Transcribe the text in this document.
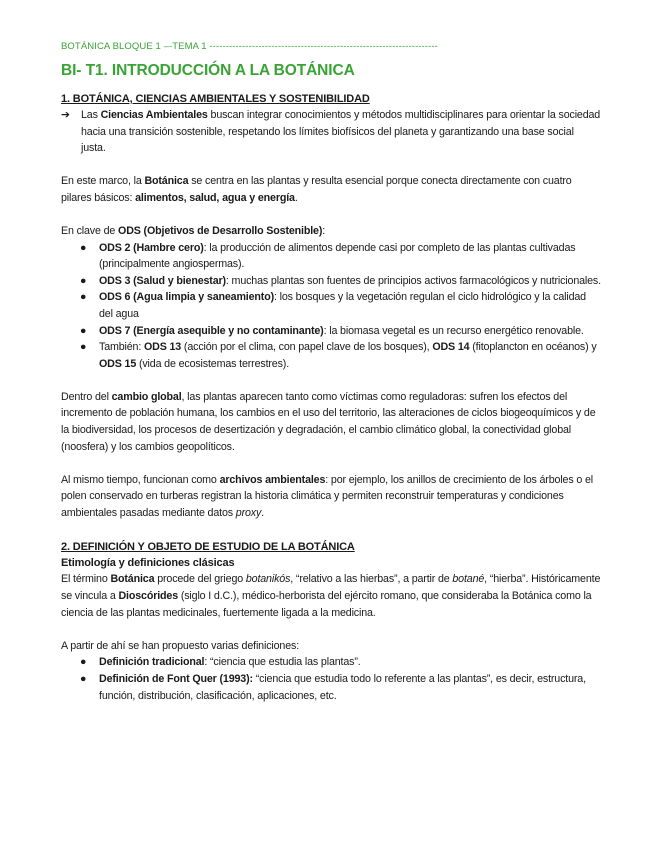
BOTÁNICA BLOQUE 1 –-TEMA 1 ----------------------------------------------------------------------
BI- T1. INTRODUCCIÓN A LA BOTÁNICA
1. BOTÁNICA, CIENCIAS AMBIENTALES Y SOSTENIBILIDAD
➔ Las Ciencias Ambientales buscan integrar conocimientos y métodos multidisciplinares para orientar la sociedad hacia una transición sostenible, respetando los límites biofísicos del planeta y garantizando una base social justa.

En este marco, la Botánica se centra en las plantas y resulta esencial porque conecta directamente con cuatro pilares básicos: alimentos, salud, agua y energía.

En clave de ODS (Objetivos de Desarrollo Sostenible):

● ODS 2 (Hambre cero): la producción de alimentos depende casi por completo de las plantas cultivadas (principalmente angiospermas).
● ODS 3 (Salud y bienestar): muchas plantas son fuentes de principios activos farmacológicos y nutricionales.
● ODS 6 (Agua limpia y saneamiento): los bosques y la vegetación regulan el ciclo hidrológico y la calidad del agua
● ODS 7 (Energía asequible y no contaminante): la biomasa vegetal es un recurso energético renovable.
● También: ODS 13 (acción por el clima, con papel clave de los bosques), ODS 14 (fitoplancton en océanos) y ODS 15 (vida de ecosistemas terrestres).

Dentro del cambio global, las plantas aparecen tanto como víctimas como reguladoras: sufren los efectos del incremento de población humana, los cambios en el uso del territorio, las alteraciones de ciclos biogeoquímicos y de la biodiversidad, los procesos de desertización y degradación, el cambio climático global, la conectividad global (noosfera) y los cambios geopolíticos.

Al mismo tiempo, funcionan como archivos ambientales: por ejemplo, los anillos de crecimiento de los árboles o el polen conservado en turberas registran la historia climática y permiten reconstruir temperaturas y condiciones ambientales pasadas mediante datos proxy.

2. DEFINICIÓN Y OBJETO DE ESTUDIO DE LA BOTÁNICA
Etimología y definiciones clásicas

El término Botánica procede del griego botanikós, “relativo a las hierbas”, a partir de botané, “hierba”. Históricamente se vincula a Dioscórides (siglo I d.C.), médico-herborista del ejército romano, que consideraba la Botánica como la ciencia de las plantas medicinales, fuertemente ligada a la medicina.

A partir de ahí se han propuesto varias definiciones:

● Definición tradicional: “ciencia que estudia las plantas”.
● Definición de Font Quer (1993): “ciencia que estudia todo lo referente a las plantas”, es decir, estructura, función, distribución, clasificación, aplicaciones, etc.
